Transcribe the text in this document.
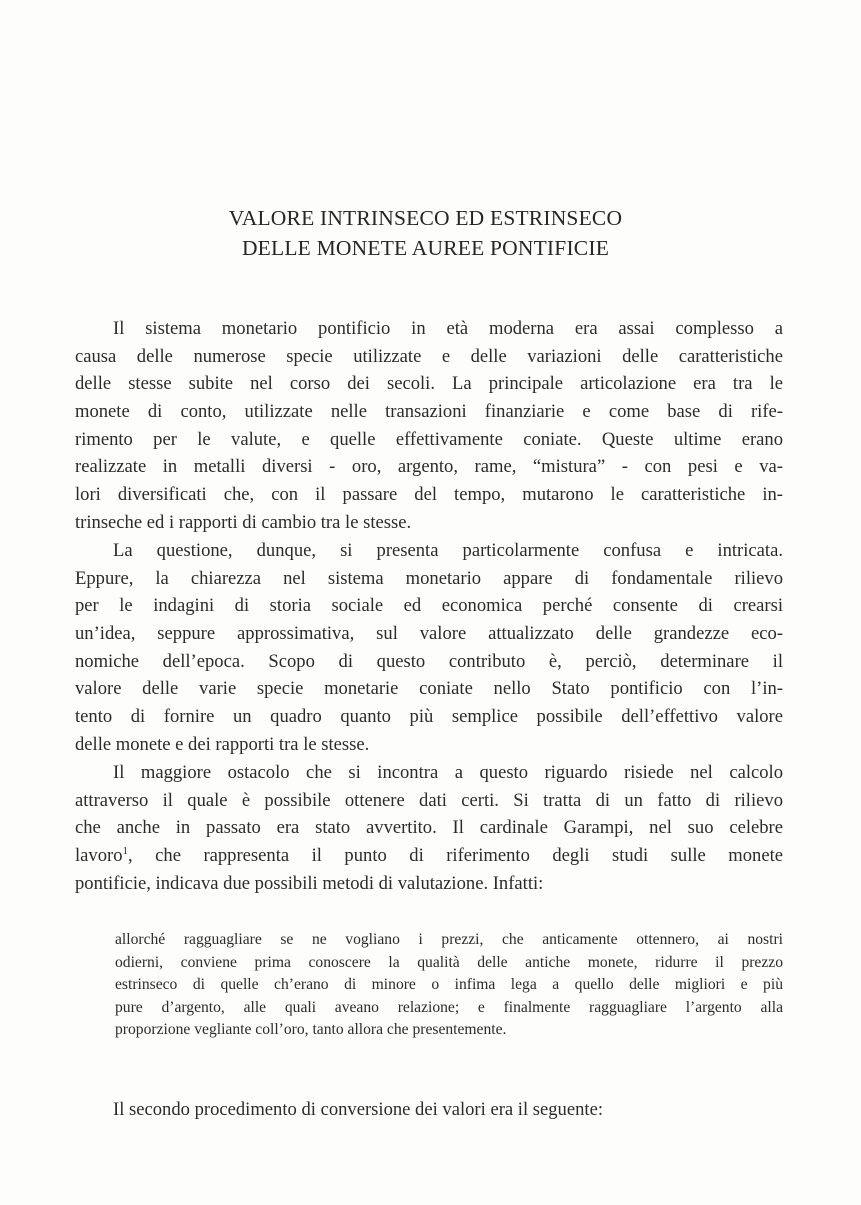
VALORE INTRINSECO ED ESTRINSECO
DELLE MONETE AUREE PONTIFICIE
Il sistema monetario pontificio in età moderna era assai complesso a
causa delle numerose specie utilizzate e delle variazioni delle caratteristiche
delle stesse subite nel corso dei secoli. La principale articolazione era tra le
monete di conto, utilizzate nelle transazioni finanziarie e come base di rife-
rimento per le valute, e quelle effettivamente coniate. Queste ultime erano
realizzate in metalli diversi - oro, argento, rame, “mistura” - con pesi e va-
lori diversificati che, con il passare del tempo, mutarono le caratteristiche in-
trinseche ed i rapporti di cambio tra le stesse.
La questione, dunque, si presenta particolarmente confusa e intricata.
Eppure, la chiarezza nel sistema monetario appare di fondamentale rilievo
per le indagini di storia sociale ed economica perché consente di crearsi
un’idea, seppure approssimativa, sul valore attualizzato delle grandezze eco-
nomiche dell’epoca. Scopo di questo contributo è, perciò, determinare il
valore delle varie specie monetarie coniate nello Stato pontificio con l’in-
tento di fornire un quadro quanto più semplice possibile dell’effettivo valore
delle monete e dei rapporti tra le stesse.
Il maggiore ostacolo che si incontra a questo riguardo risiede nel calcolo
attraverso il quale è possibile ottenere dati certi. Si tratta di un fatto di rilievo
che anche in passato era stato avvertito. Il cardinale Garampi, nel suo celebre
lavoro$^1$, che rappresenta il punto di riferimento degli studi sulle monete
pontificie, indicava due possibili metodi di valutazione. Infatti:
allorché ragguagliare se ne vogliano i prezzi, che anticamente ottennero, ai nostri
odierni, conviene prima conoscere la qualità delle antiche monete, ridurre il prezzo
estrinseco di quelle ch’erano di minore o infima lega a quello delle migliori e più
pure d’argento, alle quali aveano relazione; e finalmente ragguagliare l’argento alla
proporzione vegliante coll’oro, tanto allora che presentemente.
Il secondo procedimento di conversione dei valori era il seguente:
